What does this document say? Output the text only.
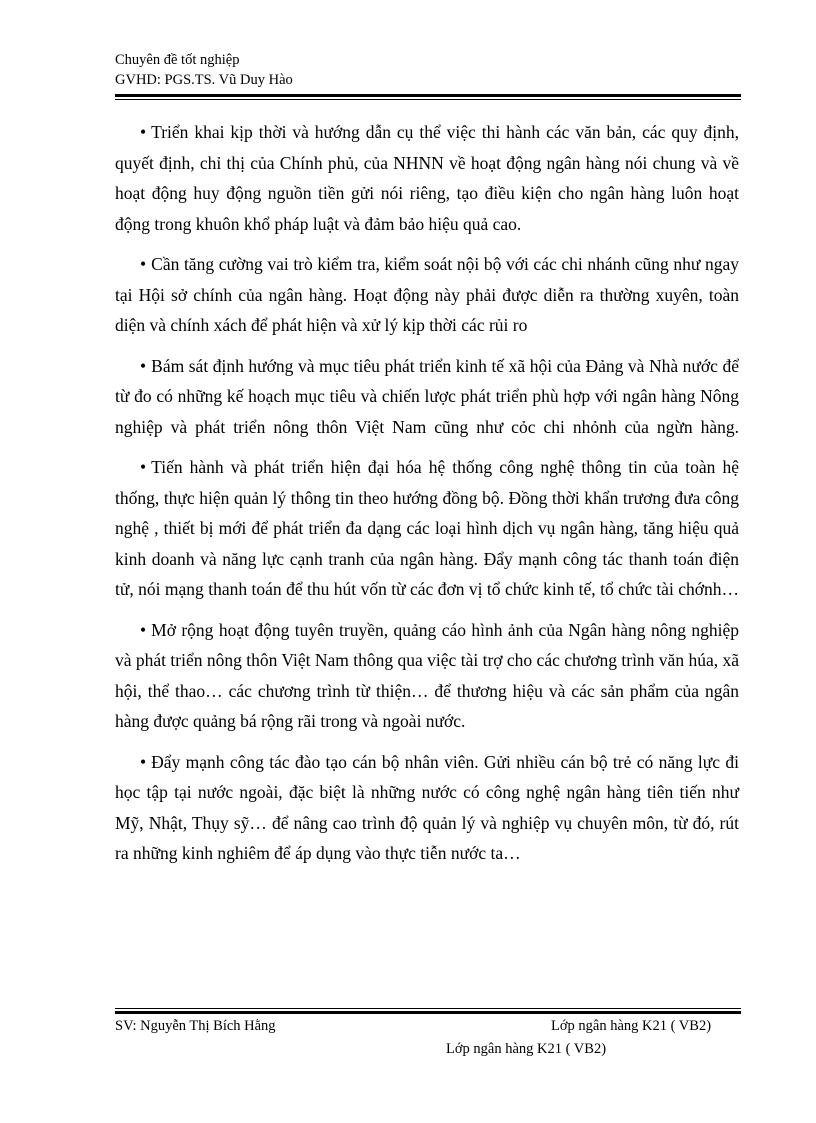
Chuyên đề tốt nghiệp
GVHD: PGS.TS. Vũ Duy Hào

• Triển khai kịp thời và hướng dẫn cụ thể việc thi hành các văn bản, các quy định, quyết định, chỉ thị của Chính phủ, của NHNN về hoạt động ngân hàng nói chung và về hoạt động huy động nguồn tiền gửi nói riêng, tạo điều kiện cho ngân hàng luôn hoạt động trong khuôn khổ pháp luật và đảm bảo hiệu quả cao.

• Cần tăng cường vai trò kiểm tra, kiểm soát nội bộ với các chi nhánh cũng như ngay tại Hội sở chính của ngân hàng. Hoạt động này phải được diễn ra thường xuyên, toàn diện và chính xách để phát hiện và xử lý kịp thời các rủi ro

• Bám sát định hướng và mục tiêu phát triển kinh tế xã hội của Đảng và Nhà nước để từ đo có những kế hoạch mục tiêu và chiến lược phát triển phù hợp với ngân hàng Nông nghiệp và phát triển nông thôn Việt Nam cũng như cỏc chi nhỏnh của ngừn hàng.

• Tiến hành và phát triển hiện đại hóa hệ thống công nghệ thông tin của toàn hệ thống, thực hiện quản lý thông tin theo hướng đồng bộ. Đồng thời khẩn trương đưa công nghệ , thiết bị mới để phát triển đa dạng các loại hình dịch vụ ngân hàng, tăng hiệu quả kinh doanh và năng lực cạnh tranh của ngân hàng. Đẩy mạnh công tác thanh toán điện tử, nói mạng thanh toán để thu hút vốn từ các đơn vị tổ chức kinh tế, tổ chức tài chớnh…

• Mở rộng hoạt động tuyên truyền, quảng cáo hình ảnh của Ngân hàng nông nghiệp và phát triển nông thôn Việt Nam thông qua việc tài trợ cho các chương trình văn húa, xã hội, thể thao… các chương trình từ thiện… để thương hiệu và các sản phẩm của ngân hàng được quảng bá rộng rãi trong và ngoài nước.

• Đẩy mạnh công tác đào tạo cán bộ nhân viên. Gửi nhiều cán bộ trẻ có năng lực đi học tập tại nước ngoài, đặc biệt là những nước có công nghệ ngân hàng tiên tiến như Mỹ, Nhật, Thụy sỹ… để nâng cao trình độ quản lý và nghiệp vụ chuyên môn, từ đó, rút ra những kinh nghiêm để áp dụng vào thực tiễn nước ta…

SV: Nguyễn Thị Bích Hằng	Lớp ngân hàng K21 ( VB2)
Lớp ngân hàng K21 ( VB2)
